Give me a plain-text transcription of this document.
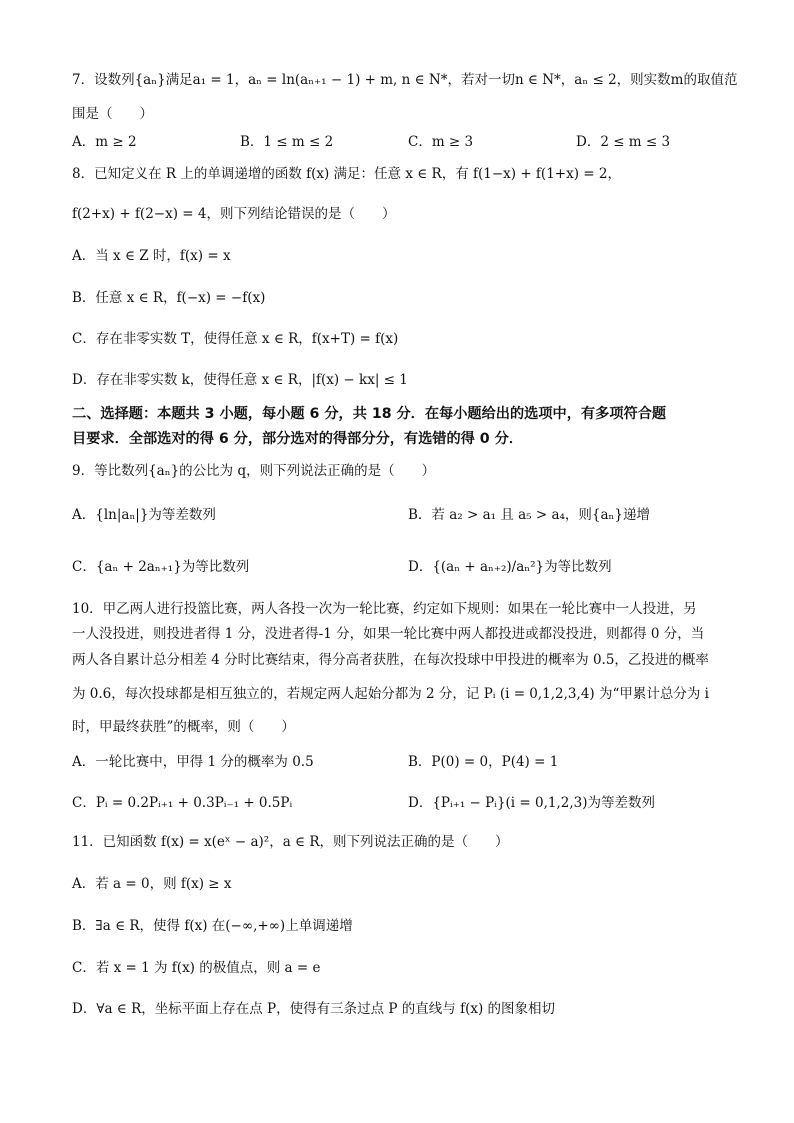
7．设数列{aₙ}满足a₁ = 1，aₙ = ln(aₙ₊₁ − 1) + m, n ∈ N*，若对一切n ∈ N*，aₙ ≤ 2，则实数m的取值范
围是（　　）
A．m ≥ 2	B．1 ≤ m ≤ 2	C．m ≥ 3	D．2 ≤ m ≤ 3
8．已知定义在 R 上的单调递增的函数 f(x) 满足：任意 x ∈ R，有 f(1−x) + f(1+x) = 2，
f(2+x) + f(2−x) = 4，则下列结论错误的是（　　）
A．当 x ∈ Z 时，f(x) = x
B．任意 x ∈ R，f(−x) = −f(x)
C．存在非零实数 T，使得任意 x ∈ R，f(x+T) = f(x)
D．存在非零实数 k，使得任意 x ∈ R，|f(x) − kx| ≤ 1
二、选择题：本题共 3 小题，每小题 6 分，共 18 分．在每小题给出的选项中，有多项符合题
目要求．全部选对的得 6 分，部分选对的得部分分，有选错的得 0 分．
9．等比数列{aₙ}的公比为 q，则下列说法正确的是（　　）
A．{ln|aₙ|}为等差数列	B．若 a₂ > a₁ 且 a₅ > a₄，则{aₙ}递增
C．{aₙ + 2aₙ₊₁}为等比数列	D．{(aₙ + aₙ₊₂)/aₙ²}为等比数列
10．甲乙两人进行投篮比赛，两人各投一次为一轮比赛，约定如下规则：如果在一轮比赛中一人投进，另
一人没投进，则投进者得 1 分，没进者得-1 分，如果一轮比赛中两人都投进或都没投进，则都得 0 分，当
两人各自累计总分相差 4 分时比赛结束，得分高者获胜，在每次投球中甲投进的概率为 0.5，乙投进的概率
为 0.6，每次投球都是相互独立的，若规定两人起始分都为 2 分，记 Pᵢ (i = 0,1,2,3,4) 为“甲累计总分为 i
时，甲最终获胜”的概率，则（　　）
A．一轮比赛中，甲得 1 分的概率为 0.5	B．P(0) = 0，P(4) = 1
C．Pᵢ = 0.2Pᵢ₊₁ + 0.3Pᵢ₋₁ + 0.5Pᵢ	D．{Pᵢ₊₁ − Pᵢ}(i = 0,1,2,3)为等差数列
11．已知函数 f(x) = x(eˣ − a)²，a ∈ R，则下列说法正确的是（　　）
A．若 a = 0，则 f(x) ≥ x
B．∃a ∈ R，使得 f(x) 在(−∞,+∞)上单调递增
C．若 x = 1 为 f(x) 的极值点，则 a = e
D．∀a ∈ R，坐标平面上存在点 P，使得有三条过点 P 的直线与 f(x) 的图象相切
